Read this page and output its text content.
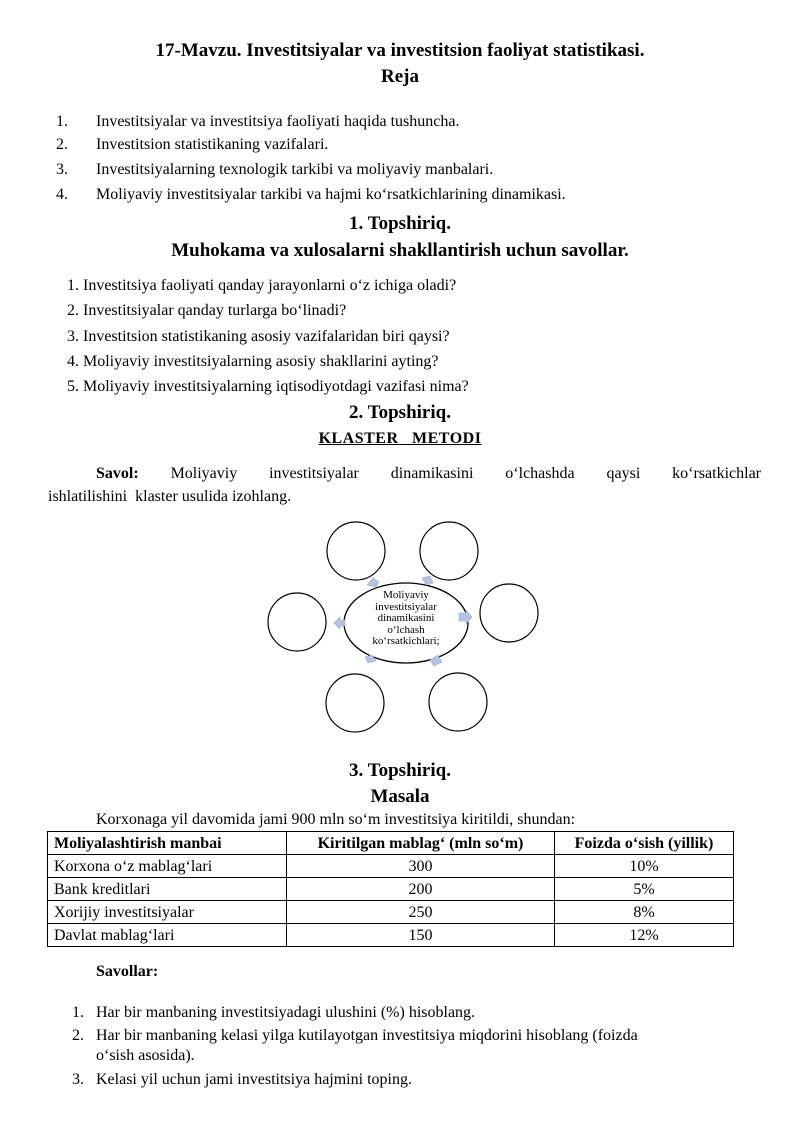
17-Mavzu. Investitsiyalar va investitsion faoliyat statistikasi.
Reja
1. Investitsiyalar va investitsiya faoliyati haqida tushuncha.
2. Investitsion statistikaning vazifalari.
3. Investitsiyalarning texnologik tarkibi va moliyaviy manbalari.
4. Moliyaviy investitsiyalar tarkibi va hajmi ko‘rsatkichlarining dinamikasi.
1. Topshiriq.
Muhokama va xulosalarni shakllantirish uchun savollar.
1. Investitsiya faoliyati qanday jarayonlarni o‘z ichiga oladi?
2. Investitsiyalar qanday turlarga bo‘linadi?
3. Investitsion statistikaning asosiy vazifalaridan biri qaysi?
4. Moliyaviy investitsiyalarning asosiy shakllarini ayting?
5. Moliyaviy investitsiyalarning iqtisodiyotdagi vazifasi nima?
2. Topshiriq.
KLASTER   METODI
Savol: Moliyaviy investitsiyalar dinamikasini o‘lchashda qaysi ko‘rsatkichlar
ishlatilishini  klaster usulida izohlang.
Moliyaviy
investitsiyalar
dinamikasini
o‘lchash
ko‘rsatkichlari;
3. Topshiriq.
Masala
Korxonaga yil davomida jami 900 mln so‘m investitsiya kiritildi, shundan:
Moliyalashtirish manbai	Kiritilgan mablag‘ (mln so‘m)	Foizda o‘sish (yillik)
Korxona o‘z mablag‘lari	300	10%
Bank kreditlari	200	5%
Xorijiy investitsiyalar	250	8%
Davlat mablag‘lari	150	12%
Savollar:
1. Har bir manbaning investitsiyadagi ulushini (%) hisoblang.
2. Har bir manbaning kelasi yilga kutilayotgan investitsiya miqdorini hisoblang (foizda
o‘sish asosida).
3. Kelasi yil uchun jami investitsiya hajmini toping.
